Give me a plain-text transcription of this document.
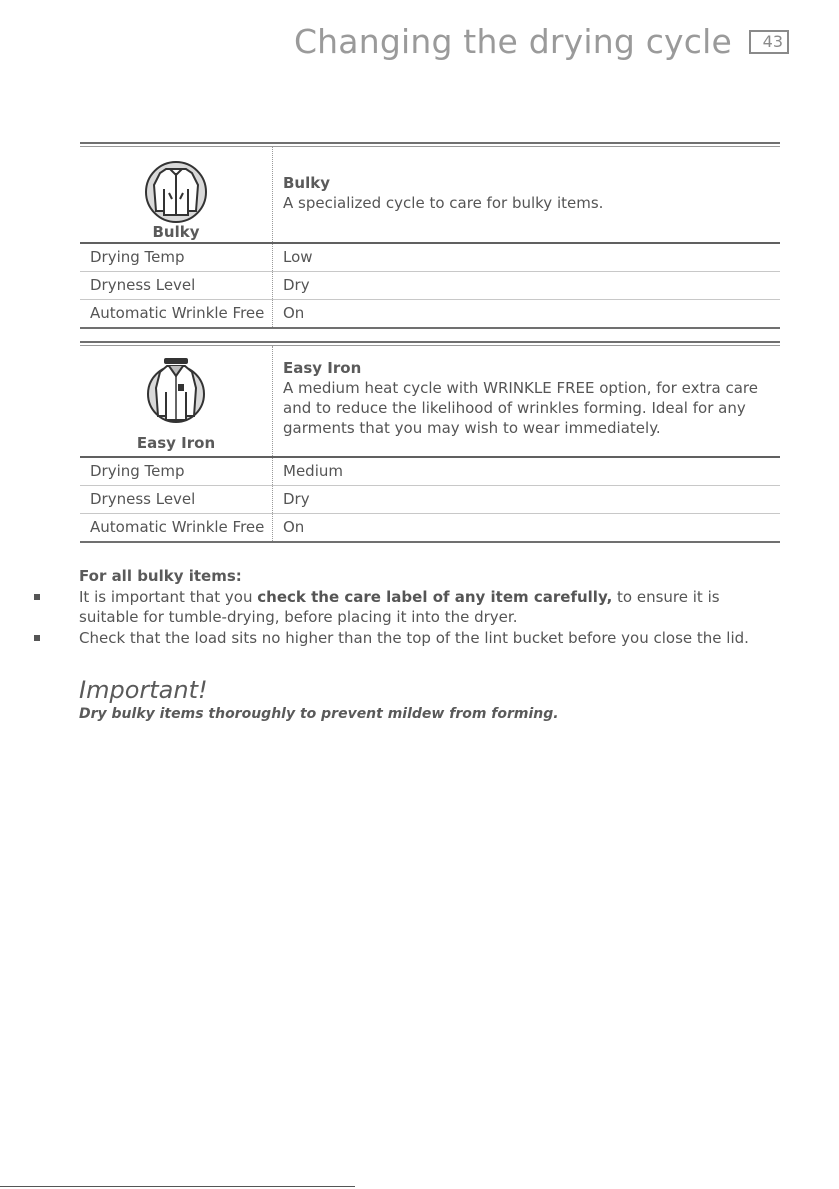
Changing the drying cycle	43
Bulky
Bulky
A specialized cycle to care for bulky items.
Drying Temp	Low
Dryness Level	Dry
Automatic Wrinkle Free	On
Easy Iron
Easy Iron
A medium heat cycle with WRINKLE FREE option, for extra care and to reduce the likelihood of wrinkles forming. Ideal for any garments that you may wish to wear immediately.
Drying Temp	Medium
Dryness Level	Dry
Automatic Wrinkle Free	On
For all bulky items:
It is important that you check the care label of any item carefully, to ensure it is suitable for tumble-drying, before placing it into the dryer.
Check that the load sits no higher than the top of the lint bucket before you close the lid.
Important!
Dry bulky items thoroughly to prevent mildew from forming.
